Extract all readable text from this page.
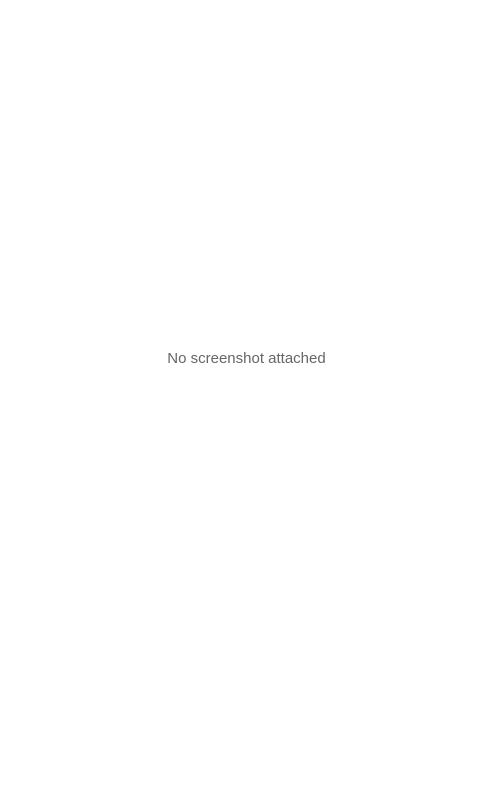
No screenshot attached
